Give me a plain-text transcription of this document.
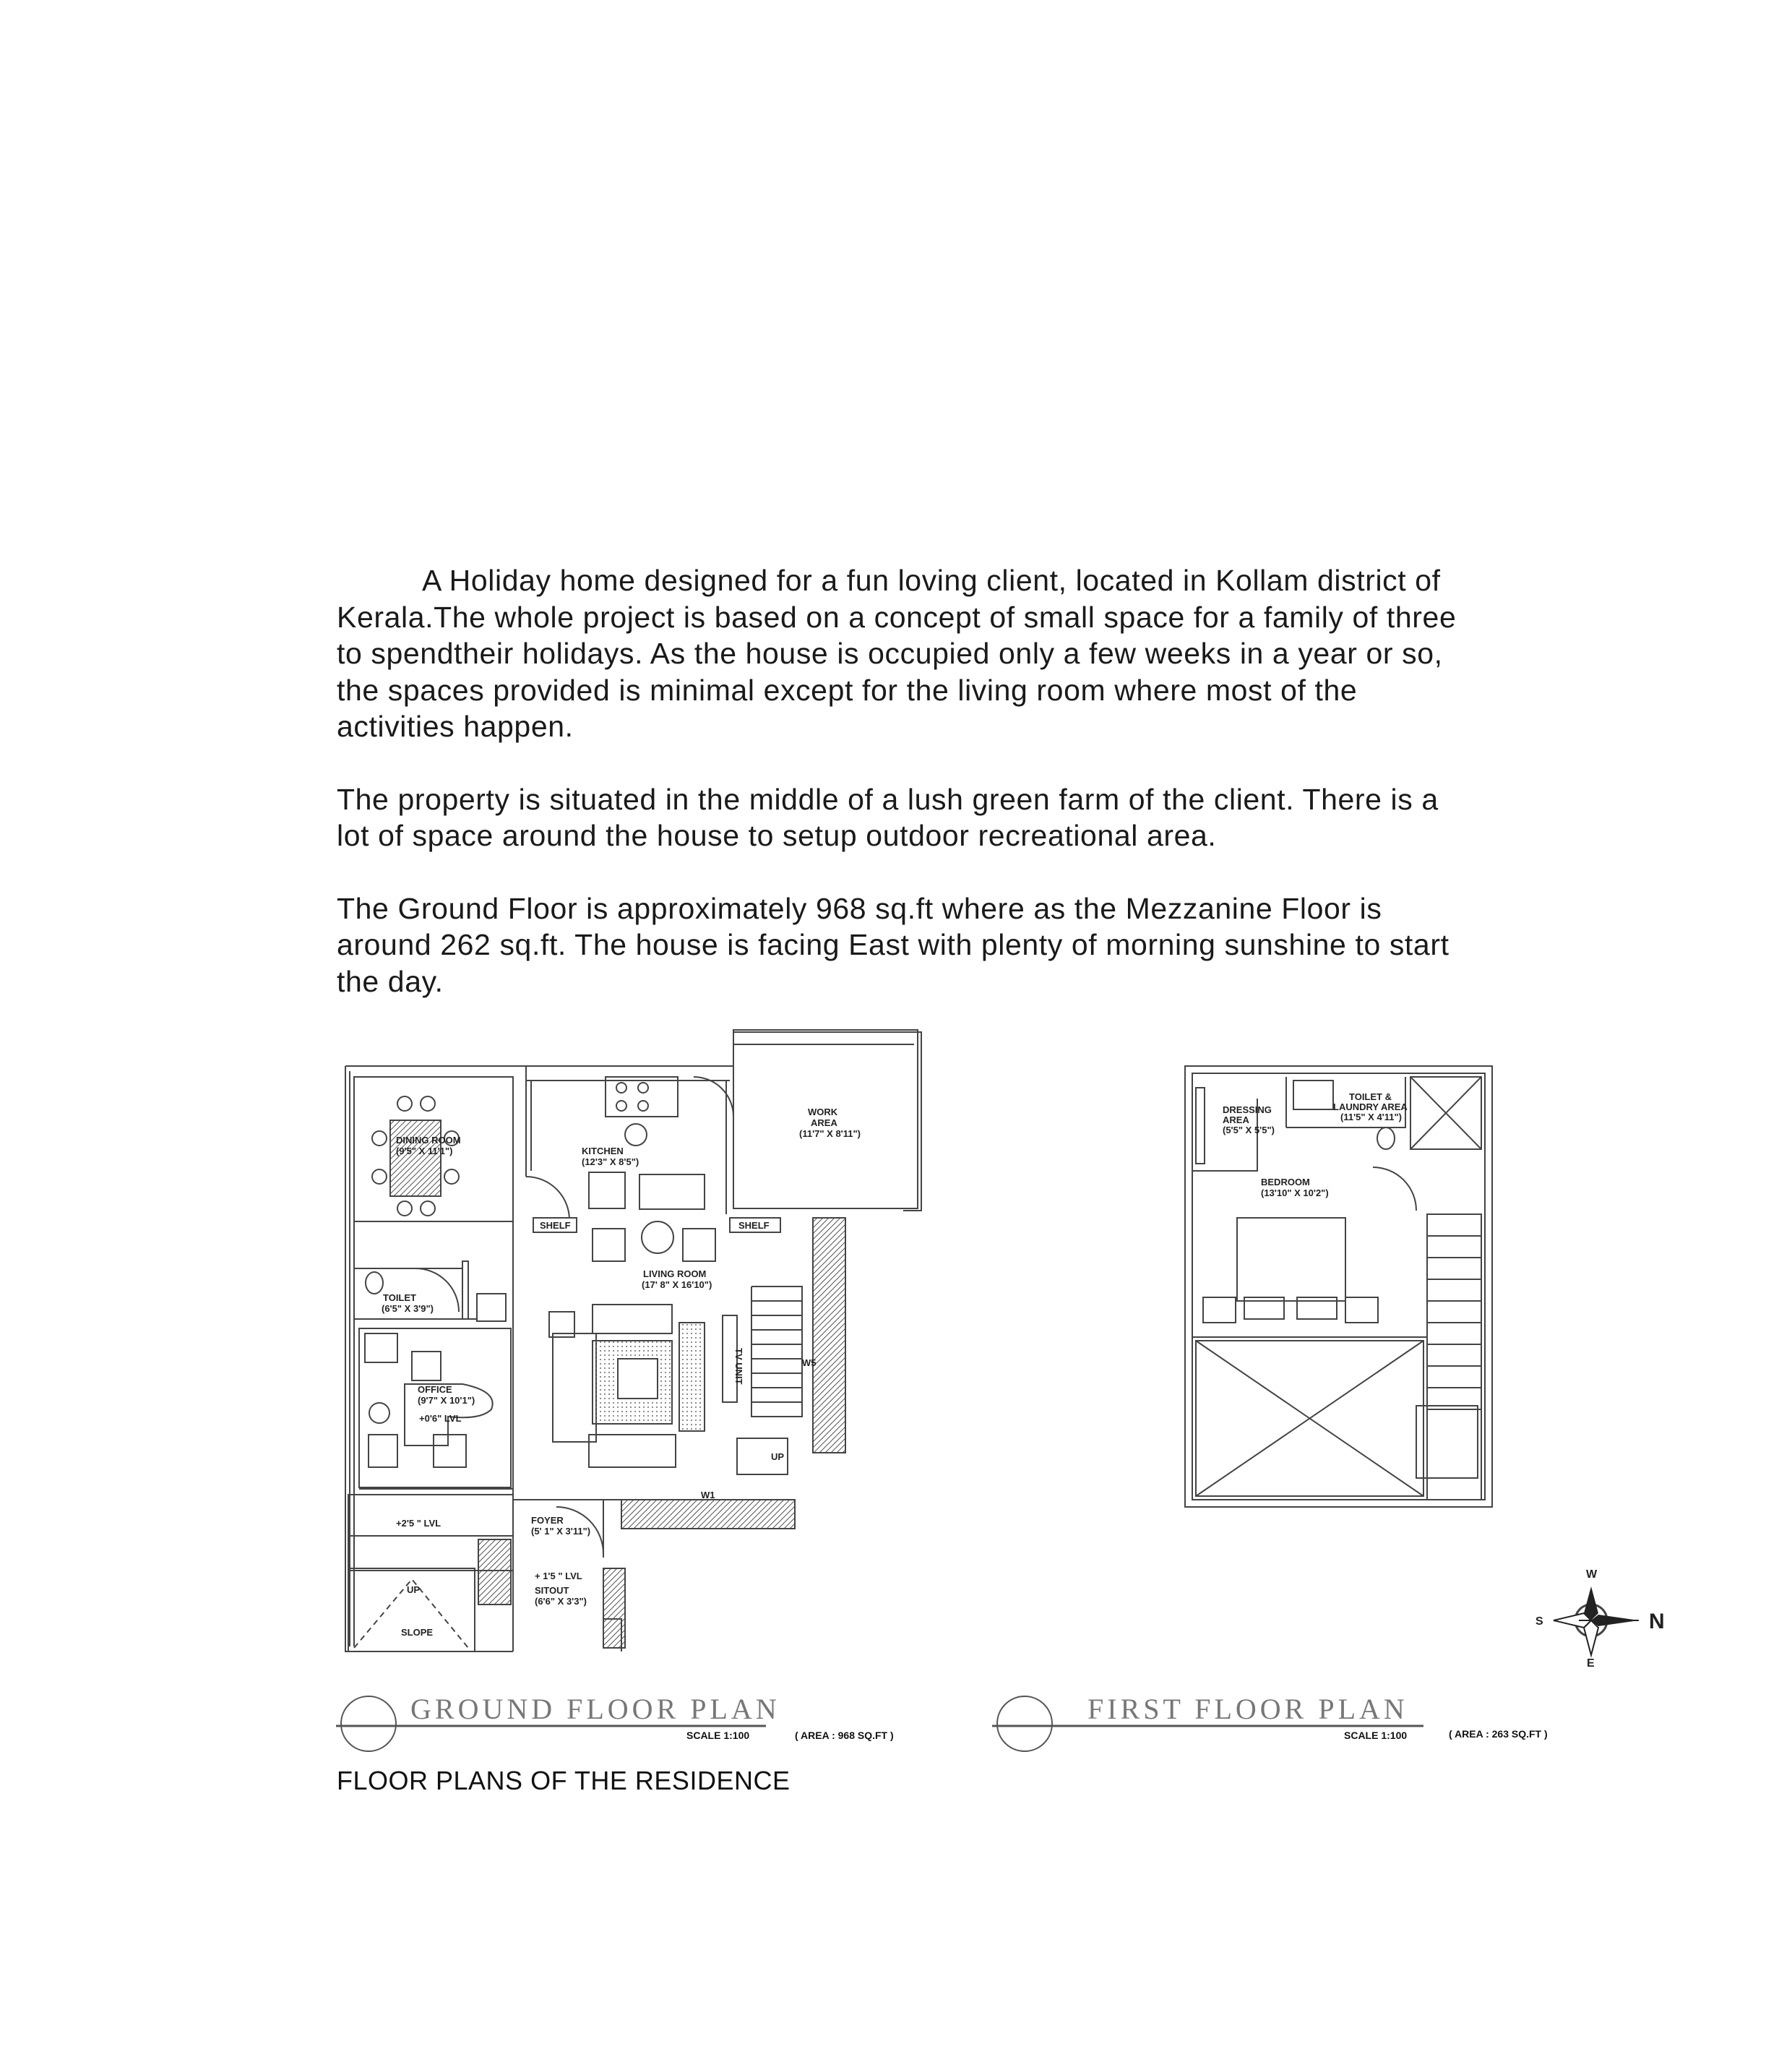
A Holiday home designed for a fun loving client, located in Kollam district of Kerala.The whole project is based on a concept of small space for a family of three to spendtheir holidays. As the house is occupied only a few weeks in a year or so, the spaces provided is minimal except for the living room where most of the activities happen.

The property is situated in the middle of a lush green farm of the client. There is a lot of space around the house to setup outdoor recreational area.

The Ground Floor is approximately 968 sq.ft where as the Mezzanine Floor is around 262 sq.ft. The house is facing East with plenty of morning sunshine to start the day.

DINING ROOM
(9'5" X 11'1")	KITCHEN
(12'3" X 8'5")
WORK
AREA
(11'7" X 8'11")
SHELF	SHELF
LIVING ROOM
(17' 8" X 16'10")
TOILET
(6'5" X 3'9")
OFFICE
(9'7" X 10'1")
+0'6" LVL
TV UNIT	W5
W1
UP
+2'5 " LVL	FOYER
(5' 1" X 3'11")
+ 1'5 " LVL
SITOUT
(6'6" X 3'3")
UP
SLOPE
GROUND FLOOR PLAN
SCALE 1:100	( AREA : 968 SQ.FT )
DRESSING
AREA
(5'5" X 5'5")
TOILET &
LAUNDRY AREA
(11'5" X 4'11")
BEDROOM
(13'10" X 10'2")
FIRST FLOOR PLAN
SCALE 1:100	( AREA : 263 SQ.FT )
W
S
E
N
FLOOR PLANS OF THE RESIDENCE
